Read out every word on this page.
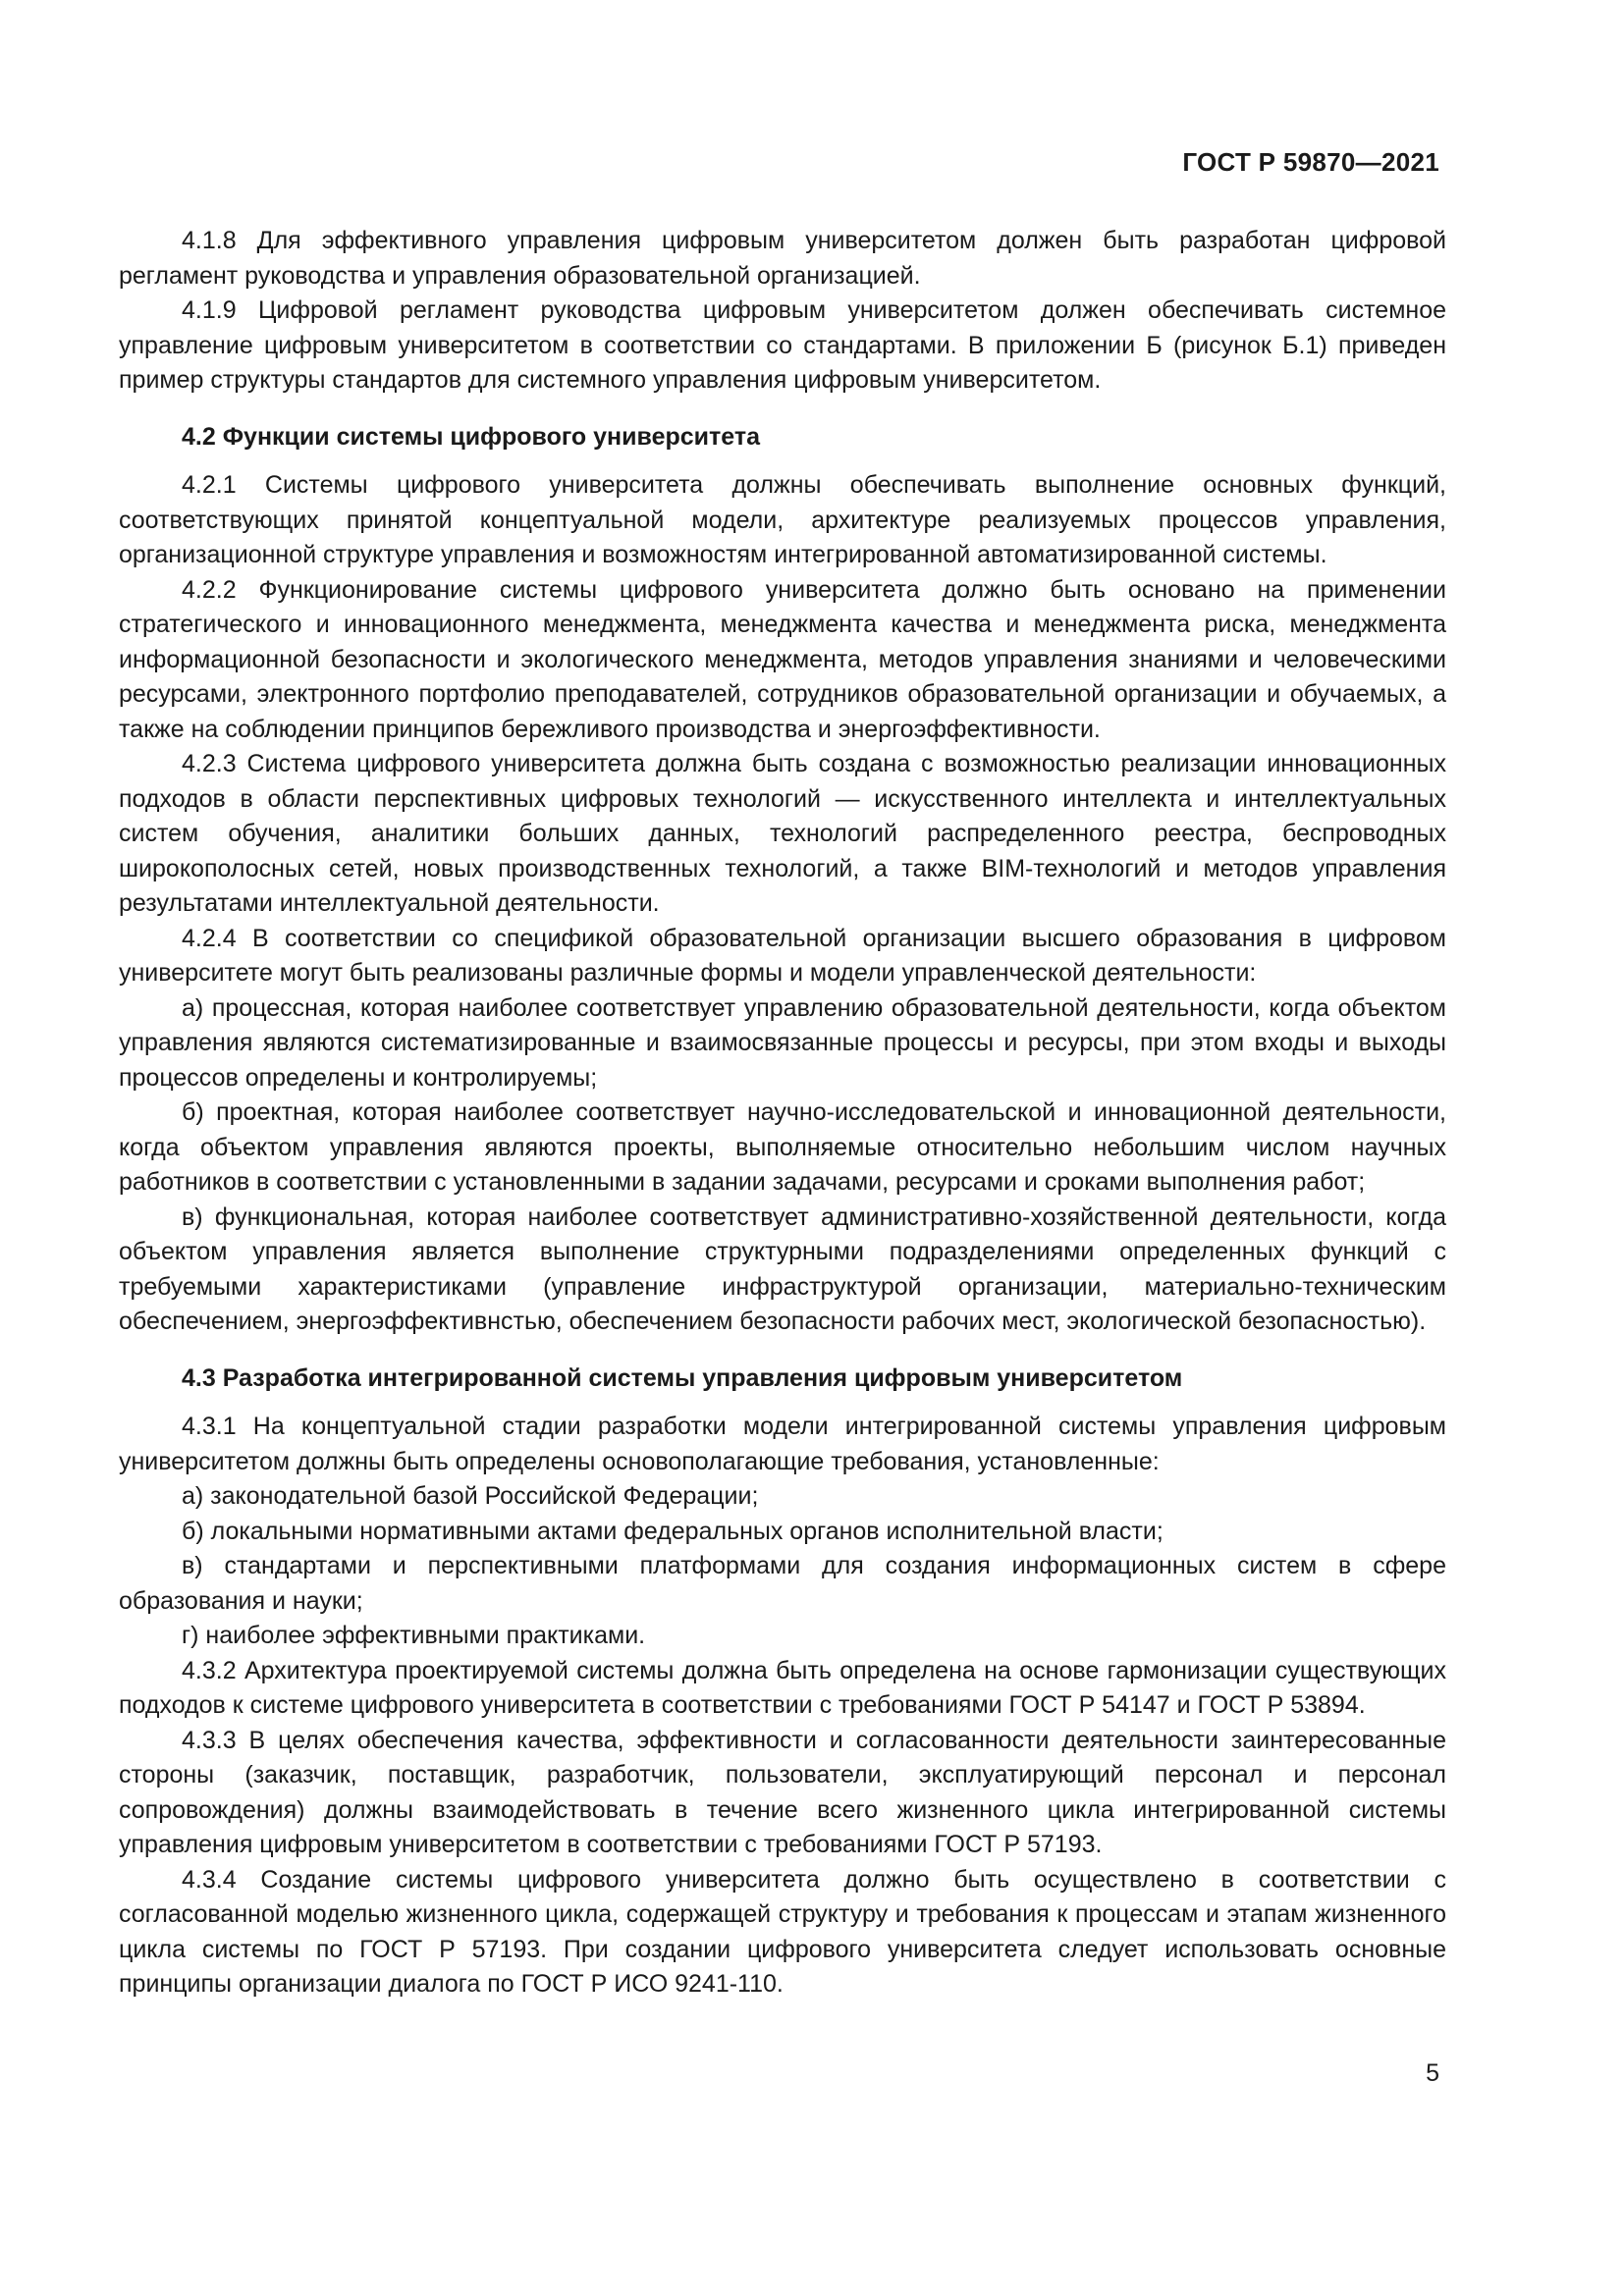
ГОСТ Р 59870—2021

4.1.8 Для эффективного управления цифровым университетом должен быть разработан цифровой регламент руководства и управления образовательной организацией.

4.1.9 Цифровой регламент руководства цифровым университетом должен обеспечивать системное управление цифровым университетом в соответствии со стандартами. В приложении Б (рисунок Б.1) приведен пример структуры стандартов для системного управления цифровым университетом.

4.2 Функции системы цифрового университета

4.2.1 Системы цифрового университета должны обеспечивать выполнение основных функций, соответствующих принятой концептуальной модели, архитектуре реализуемых процессов управления, организационной структуре управления и возможностям интегрированной автоматизированной системы.

4.2.2 Функционирование системы цифрового университета должно быть основано на применении стратегического и инновационного менеджмента, менеджмента качества и менеджмента риска, менеджмента информационной безопасности и экологического менеджмента, методов управления знаниями и человеческими ресурсами, электронного портфолио преподавателей, сотрудников образовательной организации и обучаемых, а также на соблюдении принципов бережливого производства и энергоэффективности.

4.2.3 Система цифрового университета должна быть создана с возможностью реализации инновационных подходов в области перспективных цифровых технологий — искусственного интеллекта и интеллектуальных систем обучения, аналитики больших данных, технологий распределенного реестра, беспроводных широкополосных сетей, новых производственных технологий, а также BIM-технологий и методов управления результатами интеллектуальной деятельности.

4.2.4 В соответствии со спецификой образовательной организации высшего образования в цифровом университете могут быть реализованы различные формы и модели управленческой деятельности:

а) процессная, которая наиболее соответствует управлению образовательной деятельности, когда объектом управления являются систематизированные и взаимосвязанные процессы и ресурсы, при этом входы и выходы процессов определены и контролируемы;

б) проектная, которая наиболее соответствует научно-исследовательской и инновационной деятельности, когда объектом управления являются проекты, выполняемые относительно небольшим числом научных работников в соответствии с установленными в задании задачами, ресурсами и сроками выполнения работ;

в) функциональная, которая наиболее соответствует административно-хозяйственной деятельности, когда объектом управления является выполнение структурными подразделениями определенных функций с требуемыми характеристиками (управление инфраструктурой организации, материально-техническим обеспечением, энергоэффективнстью, обеспечением безопасности рабочих мест, экологической безопасностью).

4.3 Разработка интегрированной системы управления цифровым университетом

4.3.1 На концептуальной стадии разработки модели интегрированной системы управления цифровым университетом должны быть определены основополагающие требования, установленные:

а) законодательной базой Российской Федерации;

б) локальными нормативными актами федеральных органов исполнительной власти;

в) стандартами и перспективными платформами для создания информационных систем в сфере образования и науки;

г) наиболее эффективными практиками.

4.3.2 Архитектура проектируемой системы должна быть определена на основе гармонизации существующих подходов к системе цифрового университета в соответствии с требованиями ГОСТ Р 54147 и ГОСТ Р 53894.

4.3.3 В целях обеспечения качества, эффективности и согласованности деятельности заинтересованные стороны (заказчик, поставщик, разработчик, пользователи, эксплуатирующий персонал и персонал сопровождения) должны взаимодействовать в течение всего жизненного цикла интегрированной системы управления цифровым университетом в соответствии с требованиями ГОСТ Р 57193.

4.3.4 Создание системы цифрового университета должно быть осуществлено в соответствии с согласованной моделью жизненного цикла, содержащей структуру и требования к процессам и этапам жизненного цикла системы по ГОСТ Р 57193. При создании цифрового университета следует использовать основные принципы организации диалога по ГОСТ Р ИСО 9241-110.

5
